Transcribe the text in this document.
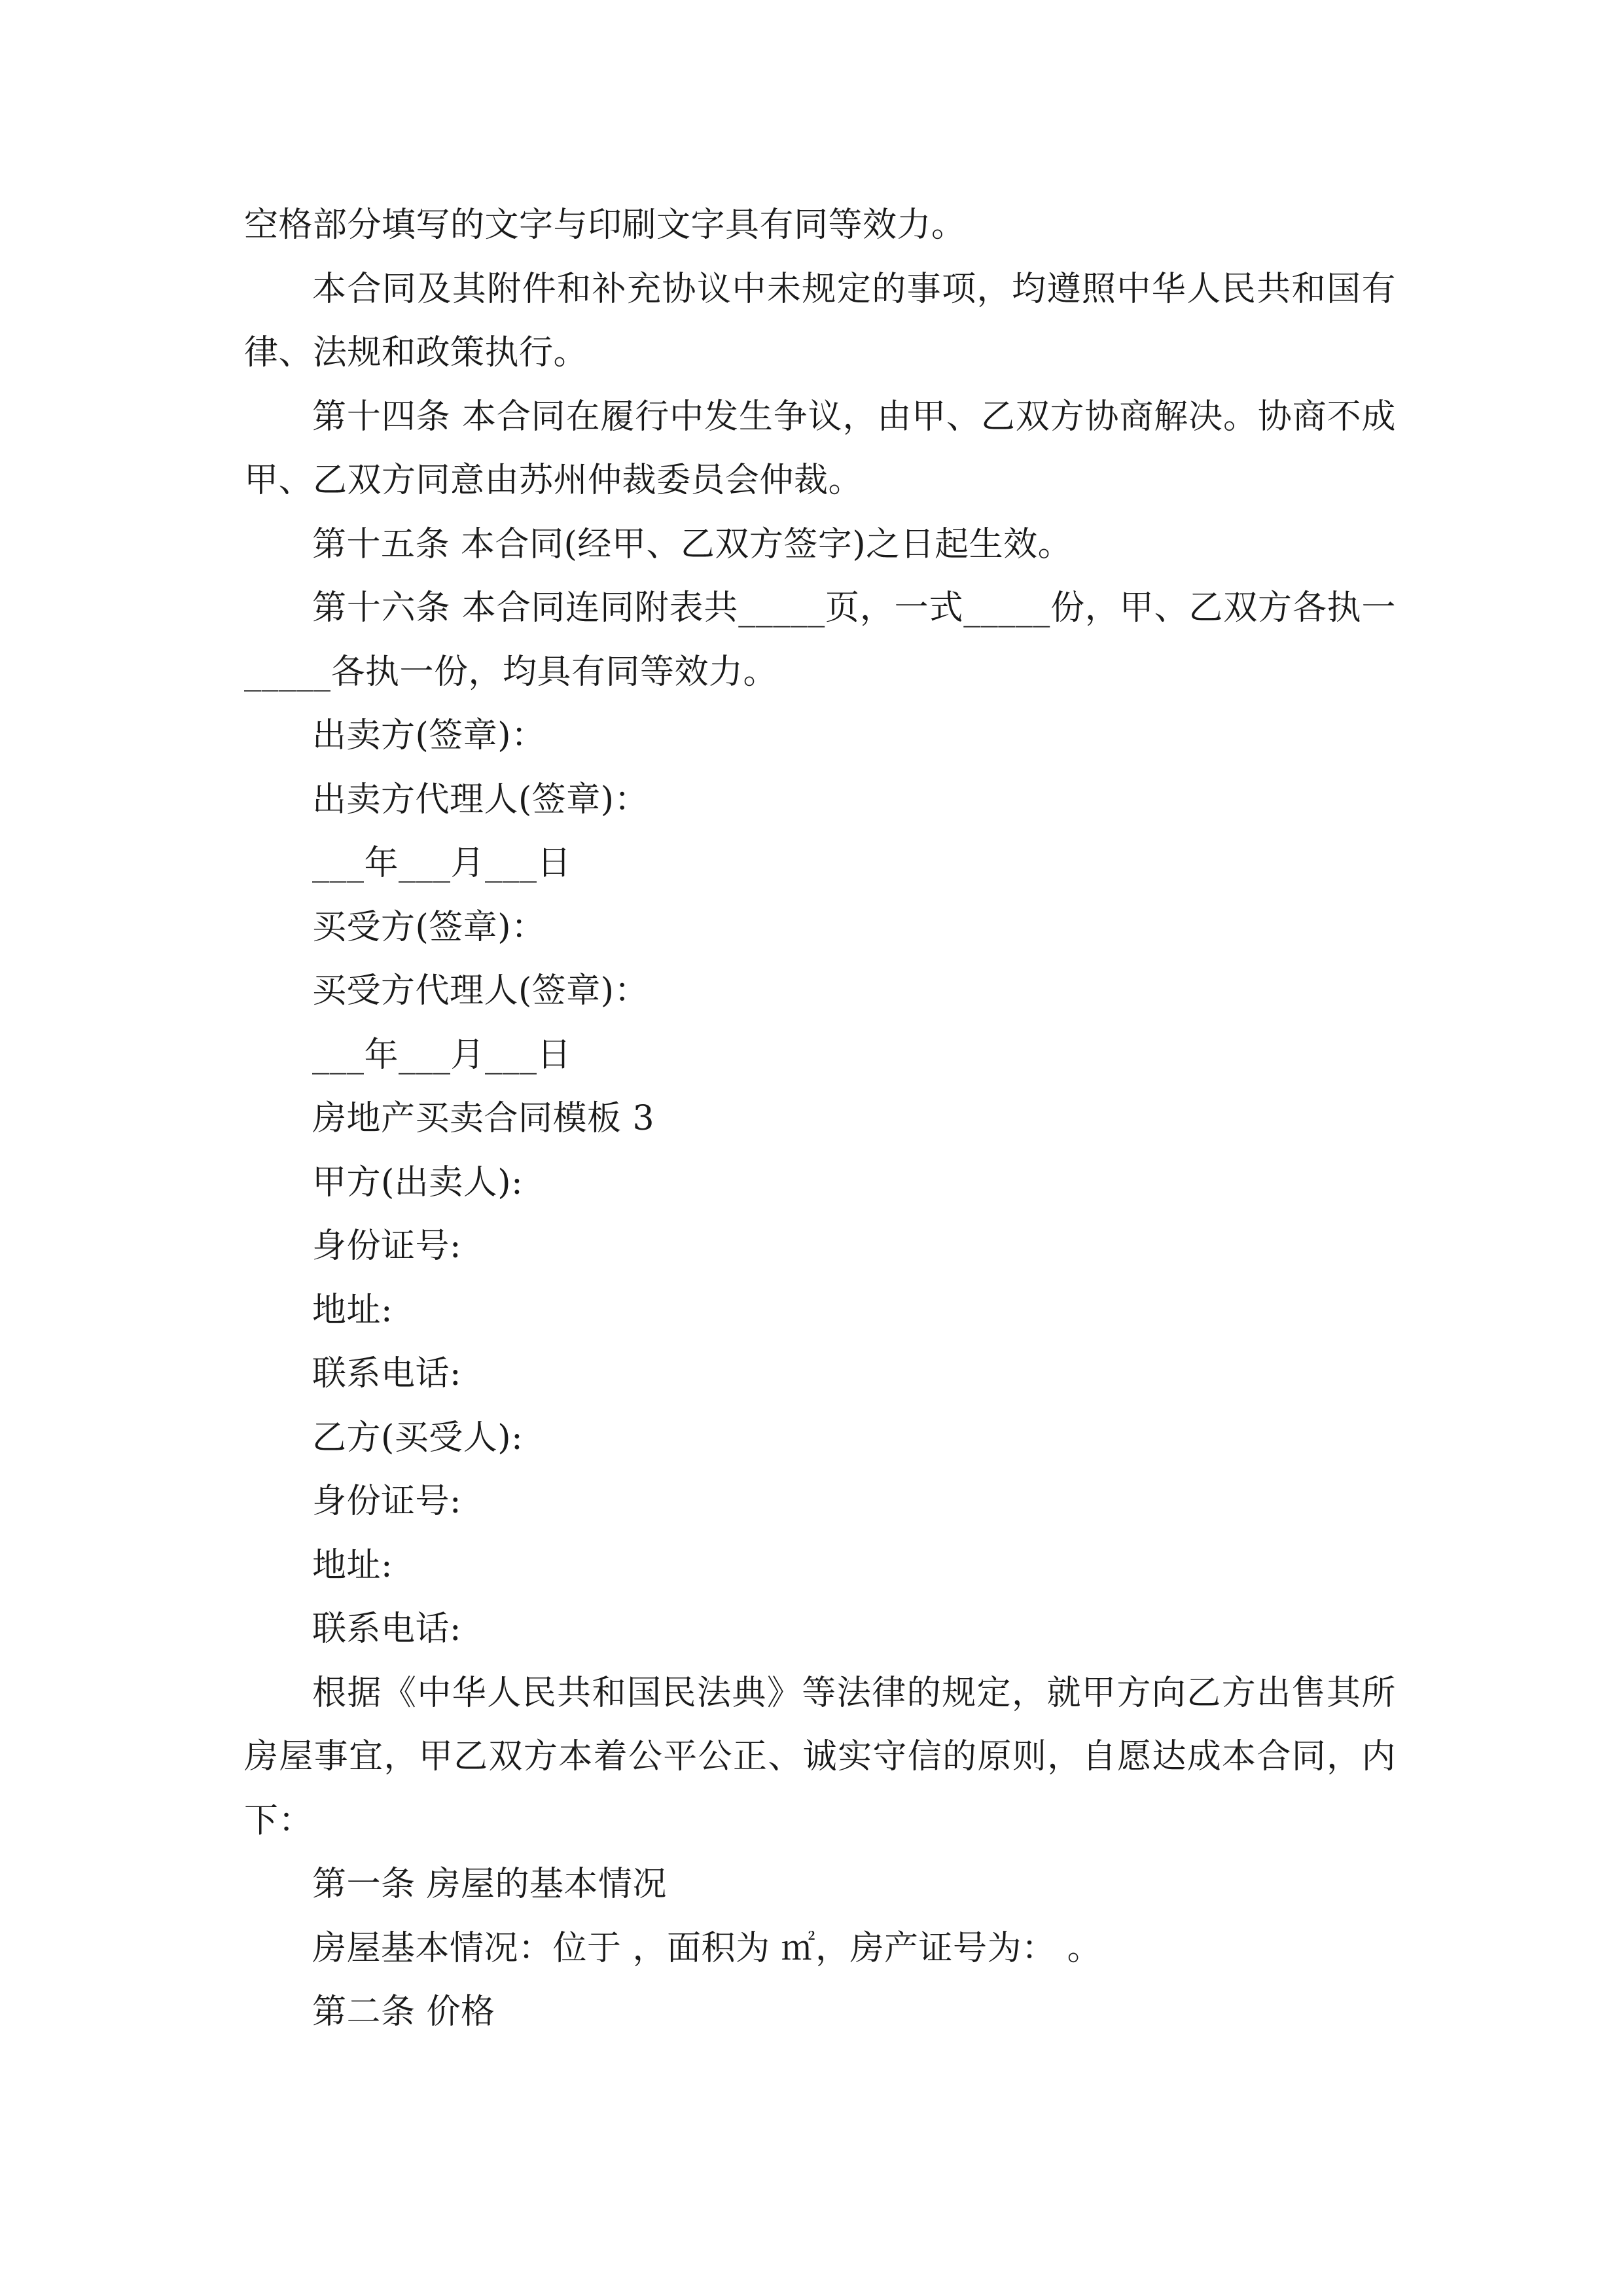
空格部分填写的文字与印刷文字具有同等效力。
本合同及其附件和补充协议中未规定的事项，均遵照中华人民共和国有
律、法规和政策执行。
第十四条 本合同在履行中发生争议，由甲、乙双方协商解决。协商不成
甲、乙双方同意由苏州仲裁委员会仲裁。
第十五条 本合同(经甲、乙双方签字)之日起生效。
第十六条 本合同连同附表共_____页，一式_____份，甲、乙双方各执一
_____各执一份，均具有同等效力。
出卖方(签章)：
出卖方代理人(签章)：
___年___月___日
买受方(签章)：
买受方代理人(签章)：
___年___月___日
房地产买卖合同模板 3
甲方(出卖人):
身份证号:
地址:
联系电话:
乙方(买受人):
身份证号:
地址:
联系电话:
根据《中华人民共和国民法典》等法律的规定，就甲方向乙方出售其所
房屋事宜，甲乙双方本着公平公正、诚实守信的原则，自愿达成本合同，内
下：
第一条 房屋的基本情况
房屋基本情况：位于 ，面积为 ㎡，房产证号为： 。
第二条 价格
